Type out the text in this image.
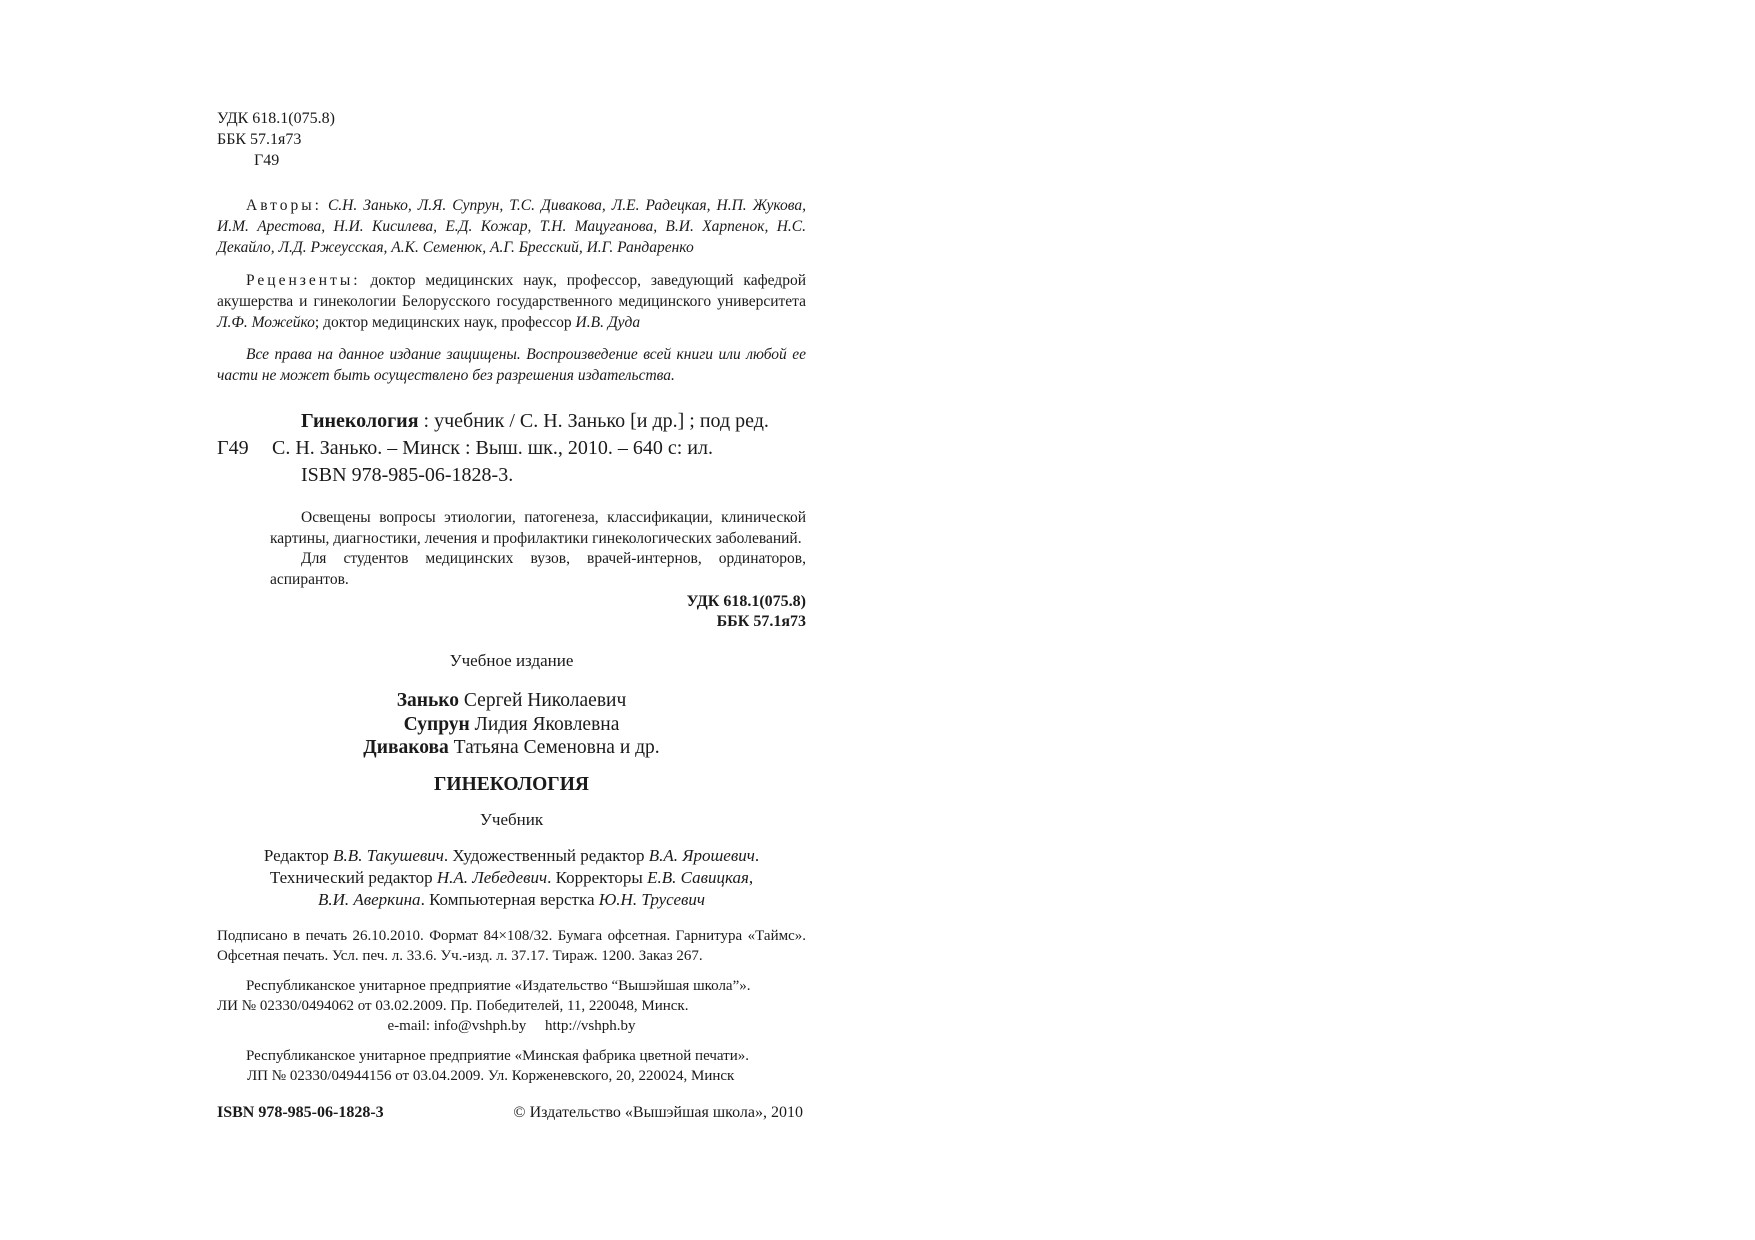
УДК 618.1(075.8)
ББК 57.1я73
Г49
Авторы: С.Н. Занько, Л.Я. Супрун, Т.С. Дивакова, Л.Е. Радецкая, Н.П. Жукова, И.М. Арестова, Н.И. Кисилева, Е.Д. Кожар, Т.Н. Мацуганова, В.И. Харпенок, Н.С. Декайло, Л.Д. Ржеусская, А.К. Семенюк, А.Г. Бресский, И.Г. Рандаренко
Рецензенты: доктор медицинских наук, профессор, заведующий кафедрой акушерства и гинекологии Белорусского государственного медицинского университета Л.Ф. Можейко; доктор медицинских наук, профессор И.В. Дуда
Все права на данное издание защищены. Воспроизведение всей книги или любой ее части не может быть осуществлено без разрешения издательства.
Г49
Гинекология : учебник / С. Н. Занько [и др.] ; под ред.
С. Н. Занько. – Минск : Выш. шк., 2010. – 640 с: ил.
ISBN 978-985-06-1828-3.
Освещены вопросы этиологии, патогенеза, классификации, клинической картины, диагностики, лечения и профилактики гинекологических заболеваний.
Для студентов медицинских вузов, врачей-интернов, ординаторов, аспирантов.
УДК 618.1(075.8)
ББК 57.1я73
Учебное издание
Занько Сергей Николаевич
Супрун Лидия Яковлевна
Дивакова Татьяна Семеновна и др.
ГИНЕКОЛОГИЯ
Учебник
Редактор В.В. Такушевич. Художественный редактор В.А. Ярошевич.
Технический редактор Н.А. Лебедевич. Корректоры Е.В. Савицкая,
В.И. Аверкина. Компьютерная верстка Ю.Н. Трусевич
Подписано в печать 26.10.2010. Формат 84×108/32. Бумага офсетная. Гарнитура «Таймс». Офсетная печать. Усл. печ. л. 33.6. Уч.-изд. л. 37.17. Тираж. 1200. Заказ 267.
Республиканское унитарное предприятие «Издательство “Вышэйшая школа”».
ЛИ № 02330/0494062 от 03.02.2009. Пр. Победителей, 11, 220048, Минск.
e-mail: info@vshph.by http://vshph.by
Республиканское унитарное предприятие «Минская фабрика цветной печати».
ЛП № 02330/04944156 от 03.04.2009. Ул. Корженевского, 20, 220024, Минск
ISBN 978-985-06-1828-3	© Издательство «Вышэйшая школа», 2010
